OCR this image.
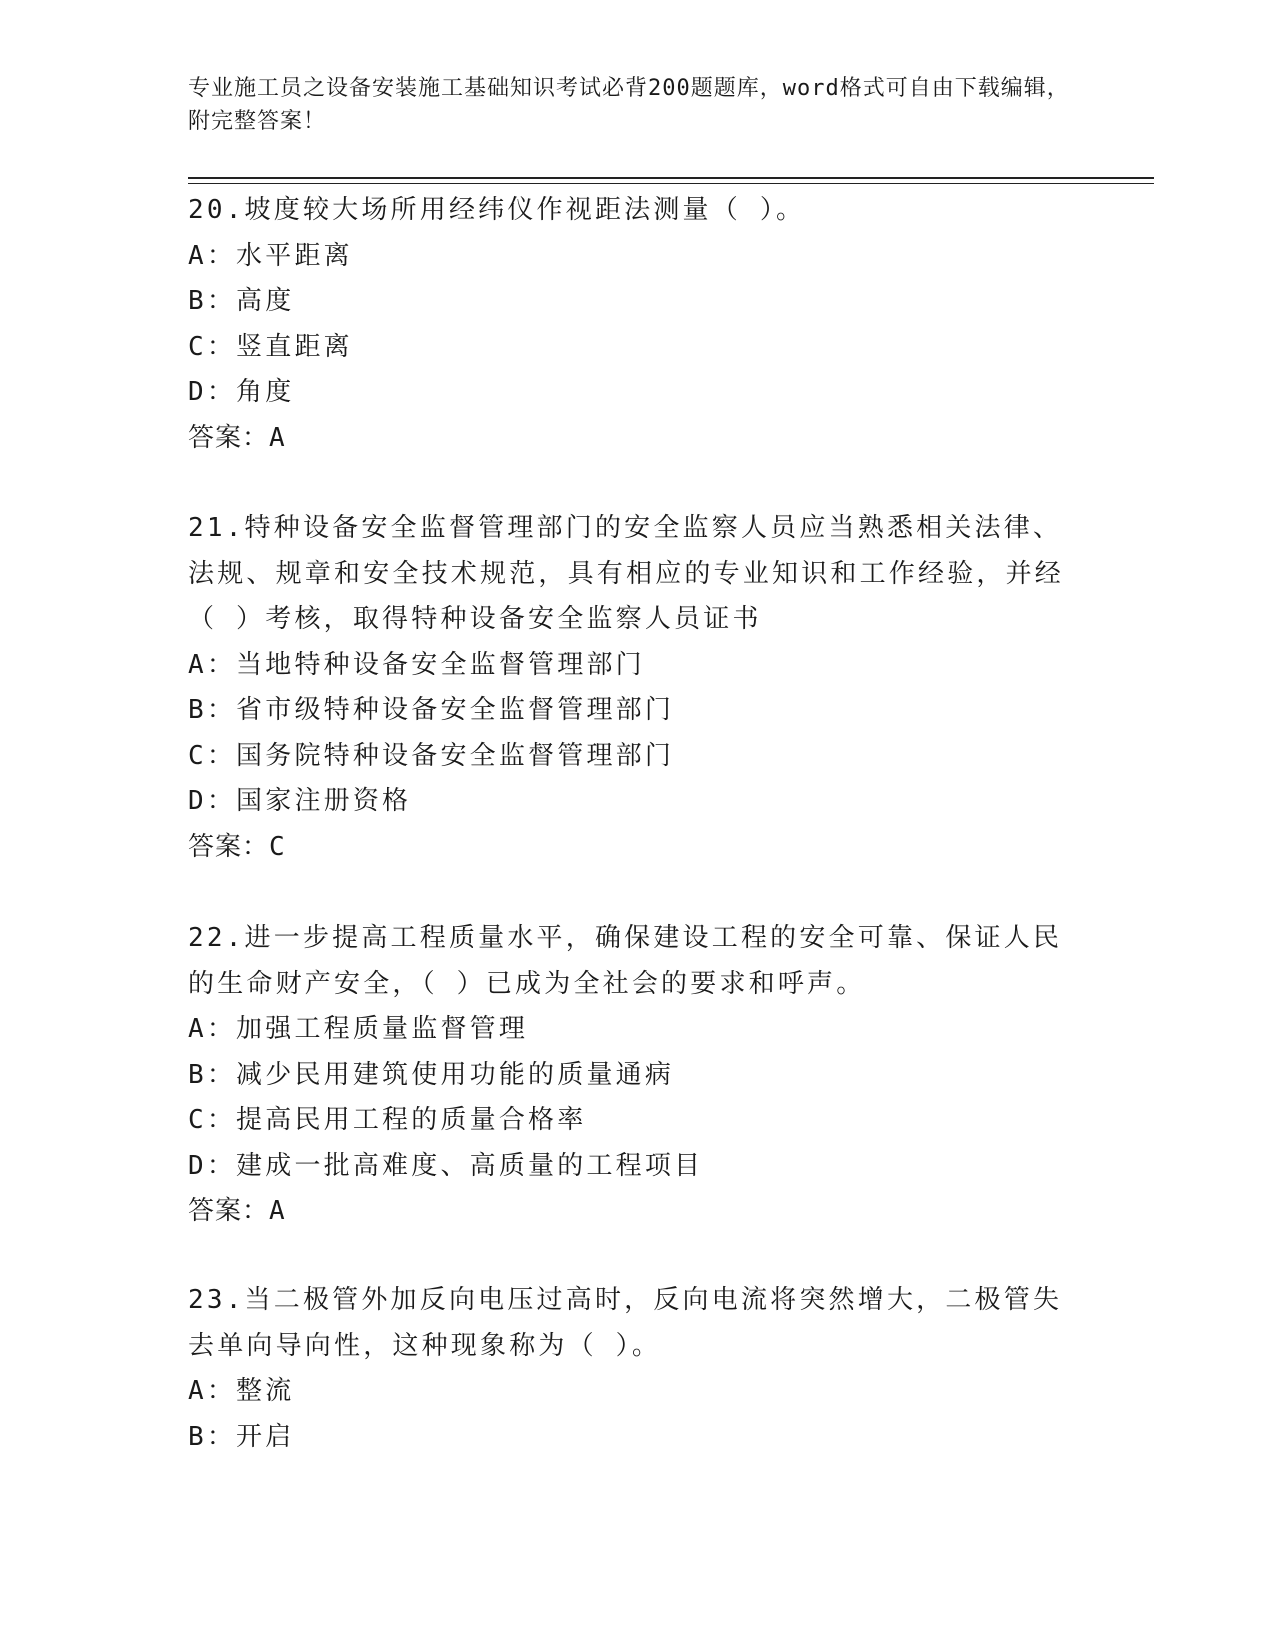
专业施工员之设备安装施工基础知识考试必背200题题库，word格式可自由下载编辑，附完整答案！

20.坡度较大场所用经纬仪作视距法测量（ ）。

A：水平距离

B：高度

C：竖直距离

D：角度

答案：A

21.特种设备安全监督管理部门的安全监察人员应当熟悉相关法律、法规、规章和安全技术规范，具有相应的专业知识和工作经验，并经（ ）考核，取得特种设备安全监察人员证书

A：当地特种设备安全监督管理部门

B：省市级特种设备安全监督管理部门

C：国务院特种设备安全监督管理部门

D：国家注册资格

答案：C

22.进一步提高工程质量水平，确保建设工程的安全可靠、保证人民的生命财产安全，（ ）已成为全社会的要求和呼声。

A：加强工程质量监督管理

B：减少民用建筑使用功能的质量通病

C：提高民用工程的质量合格率

D：建成一批高难度、高质量的工程项目

答案：A

23.当二极管外加反向电压过高时，反向电流将突然增大，二极管失去单向导向性，这种现象称为（ ）。

A：整流

B：开启
